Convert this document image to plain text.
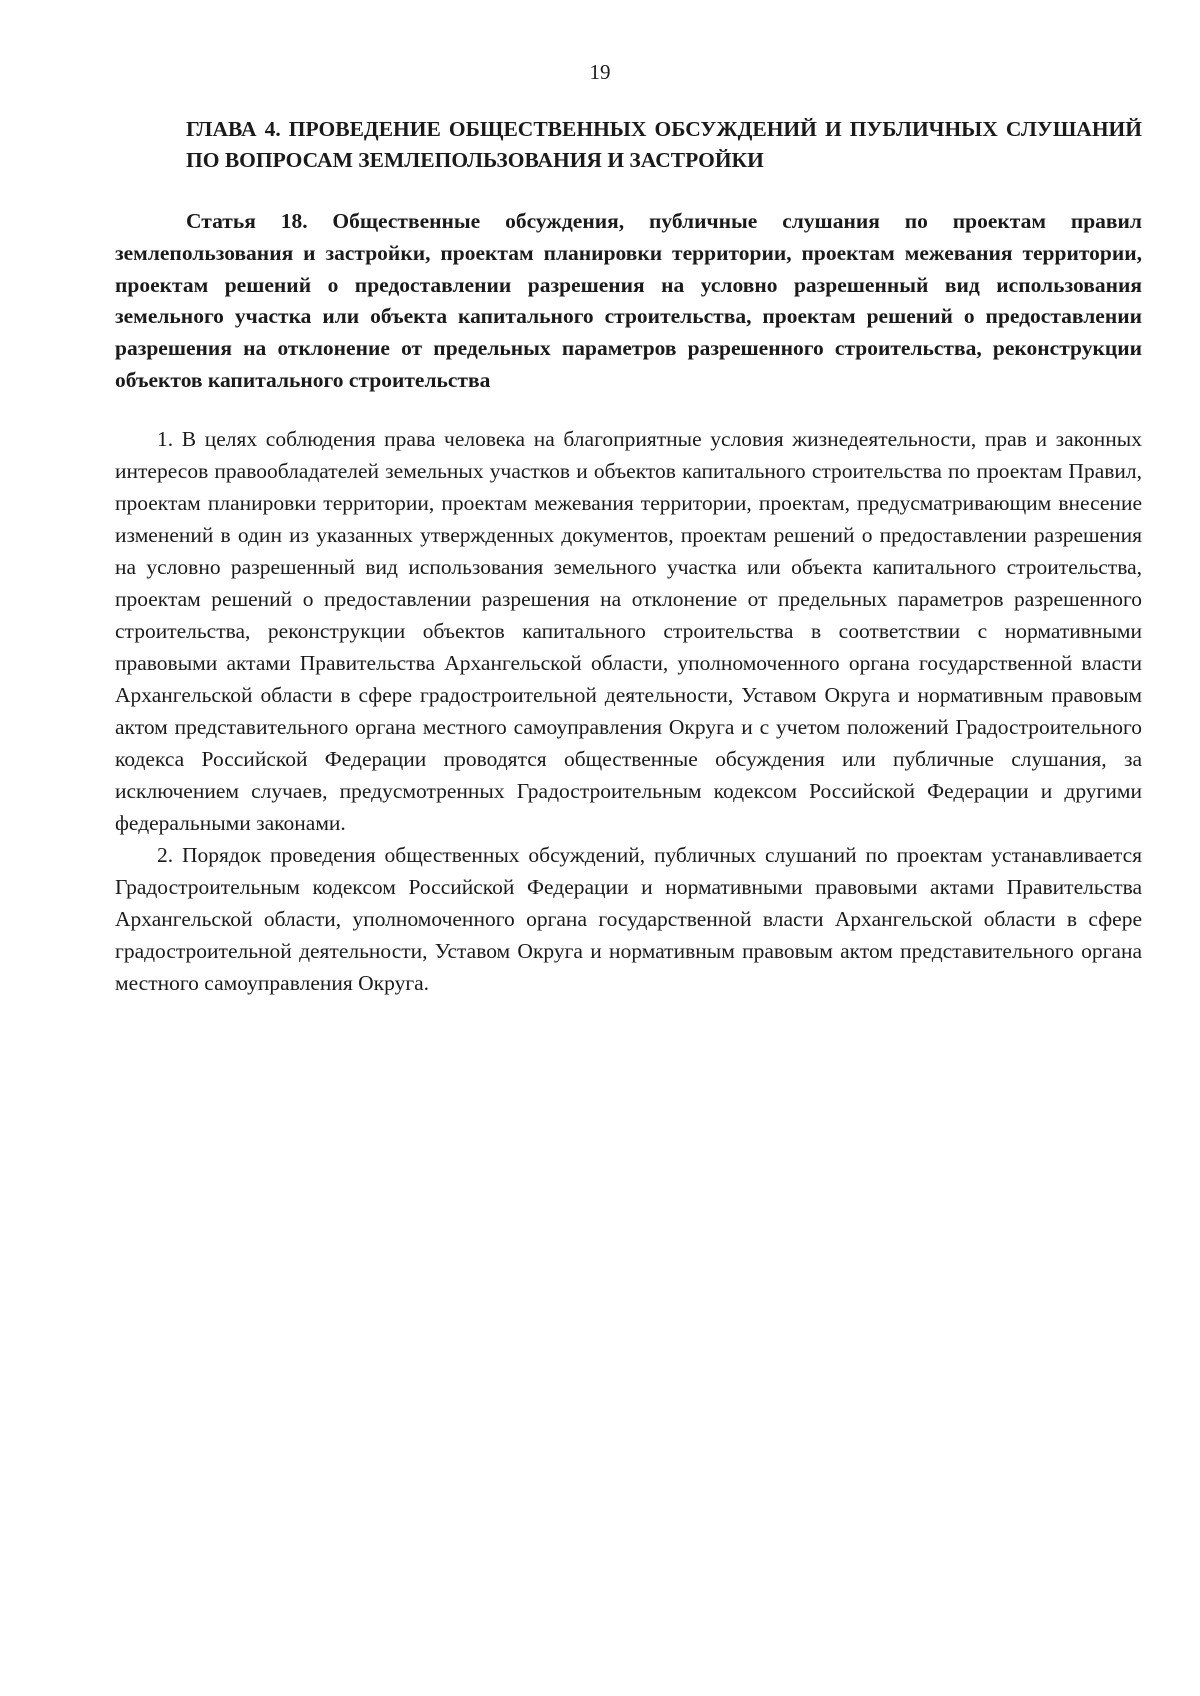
19
ГЛАВА 4. ПРОВЕДЕНИЕ ОБЩЕСТВЕННЫХ ОБСУЖДЕНИЙ И ПУБЛИЧНЫХ СЛУШАНИЙ ПО ВОПРОСАМ ЗЕМЛЕПОЛЬЗОВАНИЯ И ЗАСТРОЙКИ
Статья 18. Общественные обсуждения, публичные слушания по проектам правил землепользования и застройки, проектам планировки территории, проектам межевания территории, проектам решений о предоставлении разрешения на условно разрешенный вид использования земельного участка или объекта капитального строительства, проектам решений о предоставлении разрешения на отклонение от предельных параметров разрешенного строительства, реконструкции объектов капитального строительства

1. В целях соблюдения права человека на благоприятные условия жизнедеятельности, прав и законных интересов правообладателей земельных участков и объектов капитального строительства по проектам Правил, проектам планировки территории, проектам межевания территории, проектам, предусматривающим внесение изменений в один из указанных утвержденных документов, проектам решений о предоставлении разрешения на условно разрешенный вид использования земельного участка или объекта капитального строительства, проектам решений о предоставлении разрешения на отклонение от предельных параметров разрешенного строительства, реконструкции объектов капитального строительства в соответствии с нормативными правовыми актами Правительства Архангельской области, уполномоченного органа государственной власти Архангельской области в сфере градостроительной деятельности, Уставом Округа и нормативным правовым актом представительного органа местного самоуправления Округа и с учетом положений Градостроительного кодекса Российской Федерации проводятся общественные обсуждения или публичные слушания, за исключением случаев, предусмотренных Градостроительным кодексом Российской Федерации и другими федеральными законами.

2. Порядок проведения общественных обсуждений, публичных слушаний по проектам устанавливается Градостроительным кодексом Российской Федерации и нормативными правовыми актами Правительства Архангельской области, уполномоченного органа государственной власти Архангельской области в сфере градостроительной деятельности, Уставом Округа и нормативным правовым актом представительного органа местного самоуправления Округа.
